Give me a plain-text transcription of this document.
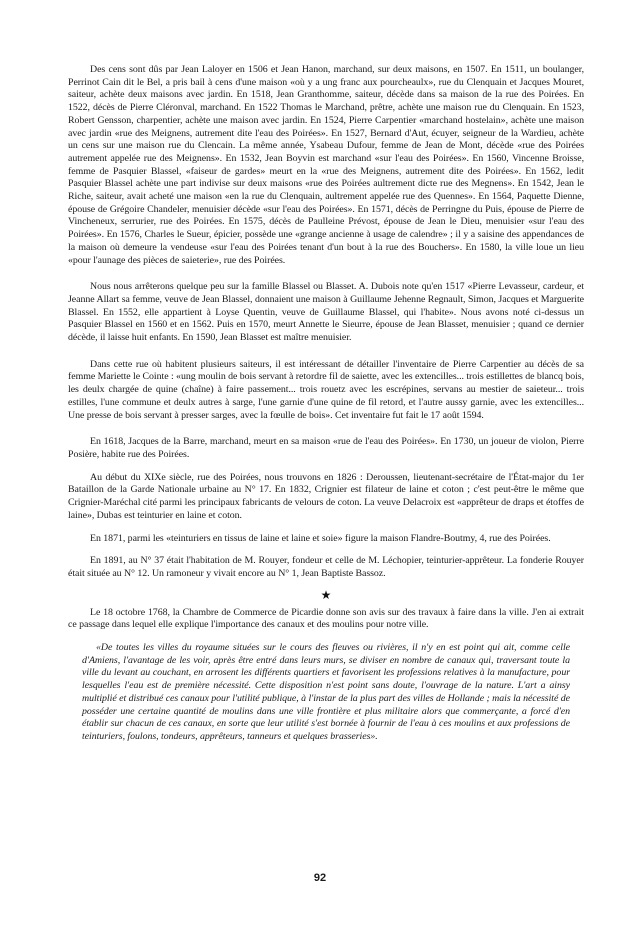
Des cens sont dûs par Jean Laloyer en 1506 et Jean Hanon, marchand, sur deux maisons, en 1507. En 1511, un boulanger, Perrinot Cain dit le Bel, a pris bail à cens d'une maison «où y a ung franc aux pourcheaulx», rue du Clenquain et Jacques Mouret, saiteur, achète deux maisons avec jardin. En 1518, Jean Granthomme, saiteur, décède dans sa maison de la rue des Poirées. En 1522, décès de Pierre Cléronval, marchand. En 1522 Thomas le Marchand, prêtre, achète une maison rue du Clenquain. En 1523, Robert Gensson, charpentier, achète une maison avec jardin. En 1524, Pierre Carpentier «marchand hostelain», achète une maison avec jardin «rue des Meignens, autrement dite l'eau des Poirées». En 1527, Bernard d'Aut, écuyer, seigneur de la Wardieu, achète un cens sur une maison rue du Clencain. La même année, Ysabeau Dufour, femme de Jean de Mont, décède «rue des Poirées autrement appelée rue des Meignens». En 1532, Jean Boyvin est marchand «sur l'eau des Poirées». En 1560, Vincenne Broisse, femme de Pasquier Blassel, «faiseur de gardes» meurt en la «rue des Meignens, autrement dite des Poirées». En 1562, ledit Pasquier Blassel achète une part indivise sur deux maisons «rue des Poirées aultrement dicte rue des Megnens». En 1542, Jean le Riche, saiteur, avait acheté une maison «en la rue du Clenquain, aultrement appelée rue des Quennes». En 1564, Paquette Dienne, épouse de Grégoire Chandeler, menuisier décède «sur l'eau des Poirées». En 1571, décès de Perringne du Puis, épouse de Pierre de Vincheneux, serrurier, rue des Poirées. En 1575, décès de Paulleine Prévost, épouse de Jean le Dieu, menuisier «sur l'eau des Poirées». En 1576, Charles le Sueur, épicier, possède une «grange ancienne à usage de calendre» ; il y a saisine des appendances de la maison où demeure la vendeuse «sur l'eau des Poirées tenant d'un bout à la rue des Bouchers». En 1580, la ville loue un lieu «pour l'aunage des pièces de saieterie», rue des Poirées.

Nous nous arrêterons quelque peu sur la famille Blassel ou Blasset. A. Dubois note qu'en 1517 «Pierre Levasseur, cardeur, et Jeanne Allart sa femme, veuve de Jean Blassel, donnaient une maison à Guillaume Jehenne Regnault, Simon, Jacques et Marguerite Blassel. En 1552, elle appartient à Loyse Quentin, veuve de Guillaume Blassel, qui l'habite». Nous avons noté ci-dessus un Pasquier Blassel en 1560 et en 1562. Puis en 1570, meurt Annette le Sieurre, épouse de Jean Blasset, menuisier ; quand ce dernier décède, il laisse huit enfants. En 1590, Jean Blasset est maître menuisier.

Dans cette rue où habitent plusieurs saiteurs, il est intéressant de détailler l'inventaire de Pierre Carpentier au décès de sa femme Mariette le Cointe : «ung moulin de bois servant à retordre fil de saiette, avec les extencilles... trois estillettes de blancq bois, les deulx chargée de quine (chaîne) à faire passement... trois rouetz avec les escrépines, servans au mestier de saieteur... trois estilles, l'une commune et deulx autres à sarge, l'une garnie d'une quine de fil retord, et l'autre aussy garnie, avec les extencilles... Une presse de bois servant à presser sarges, avec la fœulle de bois». Cet inventaire fut fait le 17 août 1594.

En 1618, Jacques de la Barre, marchand, meurt en sa maison «rue de l'eau des Poirées». En 1730, un joueur de violon, Pierre Posière, habite rue des Poirées.

Au début du XIXe siècle, rue des Poirées, nous trouvons en 1826 : Deroussen, lieutenant-secrétaire de l'État-major du 1er Bataillon de la Garde Nationale urbaine au N° 17. En 1832, Crignier est filateur de laine et coton ; c'est peut-être le même que Crignier-Maréchal cité parmi les principaux fabricants de velours de coton. La veuve Delacroix est «apprêteur de draps et étoffes de laine», Dubas est teinturier en laine et coton.

En 1871, parmi les «teinturiers en tissus de laine et laine et soie» figure la maison Flandre-Boutmy, 4, rue des Poirées.

En 1891, au N° 37 était l'habitation de M. Rouyer, fondeur et celle de M. Léchopier, teinturier-apprêteur. La fonderie Rouyer était située au N° 12. Un ramoneur y vivait encore au N° 1, Jean Baptiste Bassoz.

★

Le 18 octobre 1768, la Chambre de Commerce de Picardie donne son avis sur des travaux à faire dans la ville. J'en ai extrait ce passage dans lequel elle explique l'importance des canaux et des moulins pour notre ville.

«De toutes les villes du royaume situées sur le cours des fleuves ou rivières, il n'y en est point qui ait, comme celle d'Amiens, l'avantage de les voir, après être entré dans leurs murs, se diviser en nombre de canaux qui, traversant toute la ville du levant au couchant, en arrosent les différents quartiers et favorisent les professions relatives à la manufacture, pour lesquelles l'eau est de première nécessité. Cette disposition n'est point sans doute, l'ouvrage de la nature. L'art a ainsy multiplié et distribué ces canaux pour l'utilité publique, à l'instar de la plus part des villes de Hollande ; mais la nécessité de posséder une certaine quantité de moulins dans une ville frontière et plus militaire alors que commerçante, a forcé d'en établir sur chacun de ces canaux, en sorte que leur utilité s'est bornée à fournir de l'eau à ces moulins et aux professions de teinturiers, foulons, tondeurs, apprêteurs, tanneurs et quelques brasseries».

92
